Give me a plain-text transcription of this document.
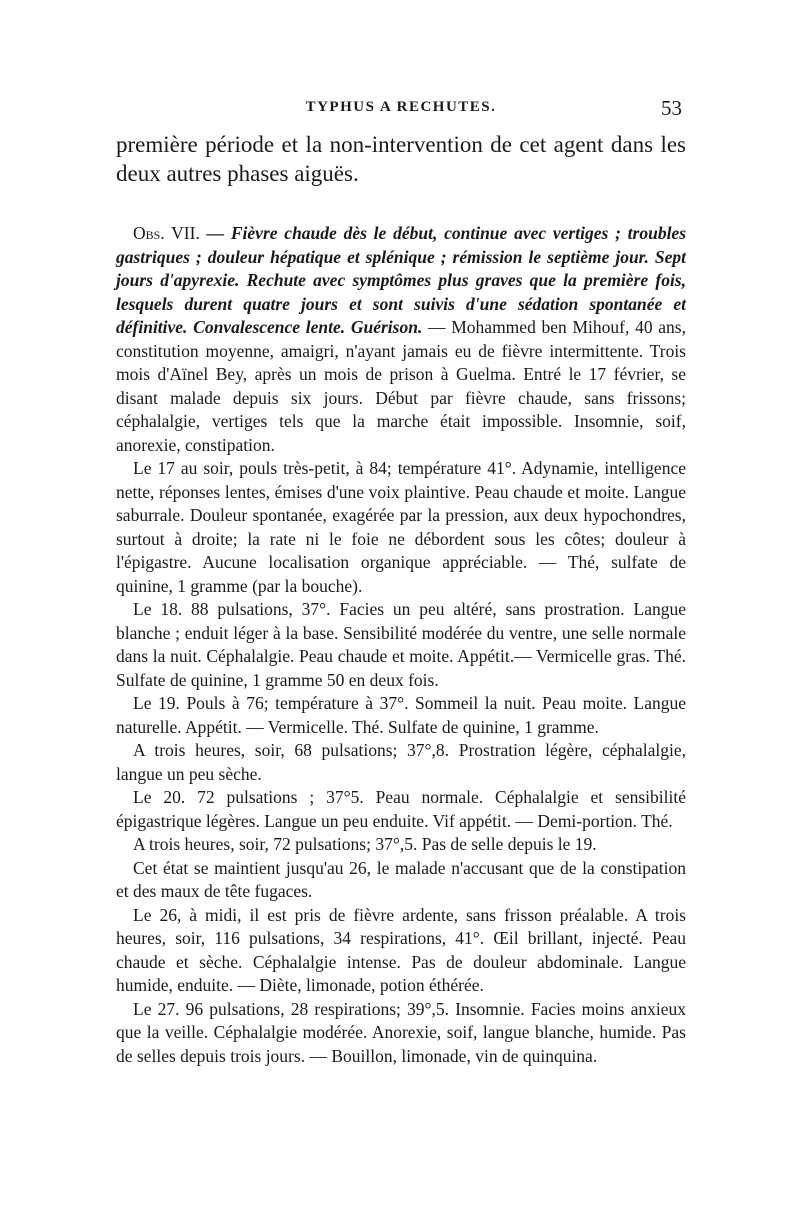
TYPHUS A RECHUTES.	53

première période et la non-intervention de cet agent dans les deux autres phases aiguës.

Obs. VII. — Fièvre chaude dès le début, continue avec vertiges ; troubles gastriques ; douleur hépatique et splénique ; rémission le septième jour. Sept jours d'apyrexie. Rechute avec symptômes plus graves que la première fois, lesquels durent quatre jours et sont suivis d'une sédation spontanée et définitive. Convalescence lente. Guérison. — Mohammed ben Mihouf, 40 ans, constitution moyenne, amaigri, n'ayant jamais eu de fièvre intermittente. Trois mois d'Aïnel Bey, après un mois de prison à Guelma. Entré le 17 février, se disant malade depuis six jours. Début par fièvre chaude, sans frissons; céphalalgie, vertiges tels que la marche était impossible. Insomnie, soif, anorexie, constipation.

Le 17 au soir, pouls très-petit, à 84; température 41°. Adynamie, intelligence nette, réponses lentes, émises d'une voix plaintive. Peau chaude et moite. Langue saburrale. Douleur spontanée, exagérée par la pression, aux deux hypochondres, surtout à droite; la rate ni le foie ne débordent sous les côtes; douleur à l'épigastre. Aucune localisation organique appréciable. — Thé, sulfate de quinine, 1 gramme (par la bouche).

Le 18. 88 pulsations, 37°. Facies un peu altéré, sans prostration. Langue blanche ; enduit léger à la base. Sensibilité modérée du ventre, une selle normale dans la nuit. Céphalalgie. Peau chaude et moite. Appétit.— Vermicelle gras. Thé. Sulfate de quinine, 1 gramme 50 en deux fois.

Le 19. Pouls à 76; température à 37°. Sommeil la nuit. Peau moite. Langue naturelle. Appétit. — Vermicelle. Thé. Sulfate de quinine, 1 gramme.

A trois heures, soir, 68 pulsations; 37°,8. Prostration légère, céphalalgie, langue un peu sèche.

Le 20. 72 pulsations ; 37°5. Peau normale. Céphalalgie et sensibilité épigastrique légères. Langue un peu enduite. Vif appétit. — Demi-portion. Thé.

A trois heures, soir, 72 pulsations; 37°,5. Pas de selle depuis le 19.

Cet état se maintient jusqu'au 26, le malade n'accusant que de la constipation et des maux de tête fugaces.

Le 26, à midi, il est pris de fièvre ardente, sans frisson préalable. A trois heures, soir, 116 pulsations, 34 respirations, 41°. Œil brillant, injecté. Peau chaude et sèche. Céphalalgie intense. Pas de douleur abdominale. Langue humide, enduite. — Diète, limonade, potion éthérée.

Le 27. 96 pulsations, 28 respirations; 39°,5. Insomnie. Facies moins anxieux que la veille. Céphalalgie modérée. Anorexie, soif, langue blanche, humide. Pas de selles depuis trois jours. — Bouillon, limonade, vin de quinquina.
